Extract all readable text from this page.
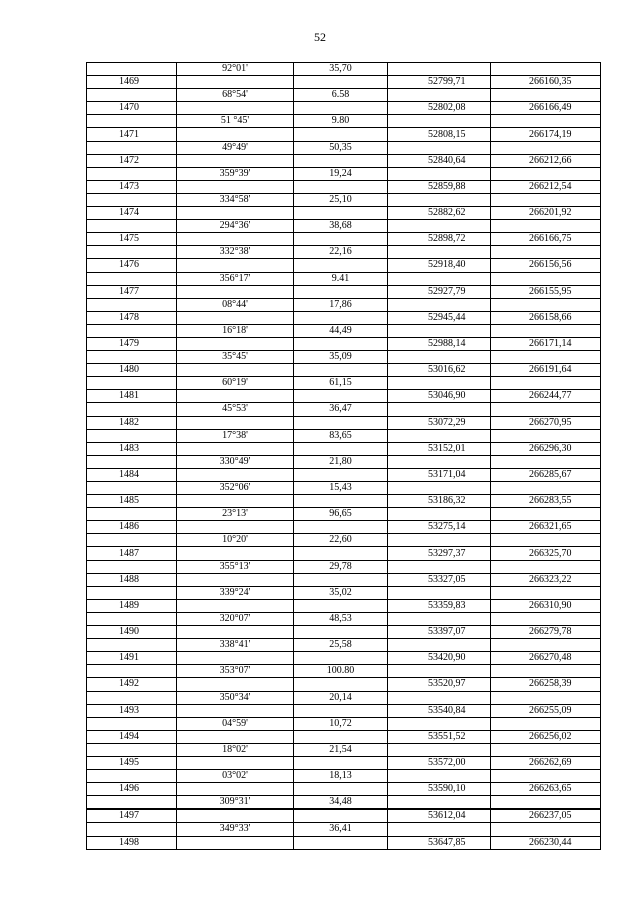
52
	92°01'	35,70		
1469			52799,71	266160,35
	68°54'	6.58		
1470			52802,08	266166,49
	51 °45'	9.80		
1471			52808,15	266174,19
	49°49'	50,35		
1472			52840,64	266212,66
	359°39'	19,24		
1473			52859,88	266212,54
	334°58'	25,10		
1474			52882,62	266201,92
	294°36'	38,68		
1475			52898,72	266166,75
	332°38'	22,16		
1476			52918,40	266156,56
	356°17'	9.41		
1477			52927,79	266155,95
	08°44'	17,86		
1478			52945,44	266158,66
	16°18'	44,49		
1479			52988,14	266171,14
	35°45'	35,09		
1480			53016,62	266191,64
	60°19'	61,15		
1481			53046,90	266244,77
	45°53'	36,47		
1482			53072,29	266270,95
	17°38'	83,65		
1483			53152,01	266296,30
	330°49'	21,80		
1484			53171,04	266285,67
	352°06'	15,43		
1485			53186,32	266283,55
	23°13'	96,65		
1486			53275,14	266321,65
	10°20'	22,60		
1487			53297,37	266325,70
	355°13'	29,78		
1488			53327,05	266323,22
	339°24'	35,02		
1489			53359,83	266310,90
	320°07'	48,53		
1490			53397,07	266279,78
	338°41'	25,58		
1491			53420,90	266270,48
	353°07'	100.80		
1492			53520,97	266258,39
	350°34'	20,14		
1493			53540,84	266255,09
	04°59'	10,72		
1494			53551,52	266256,02
	18°02'	21,54		
1495			53572,00	266262,69
	03°02'	18,13		
1496			53590,10	266263,65
	309°31'	34,48		
1497			53612,04	266237,05
	349°33'	36,41		
1498			53647,85	266230,44
